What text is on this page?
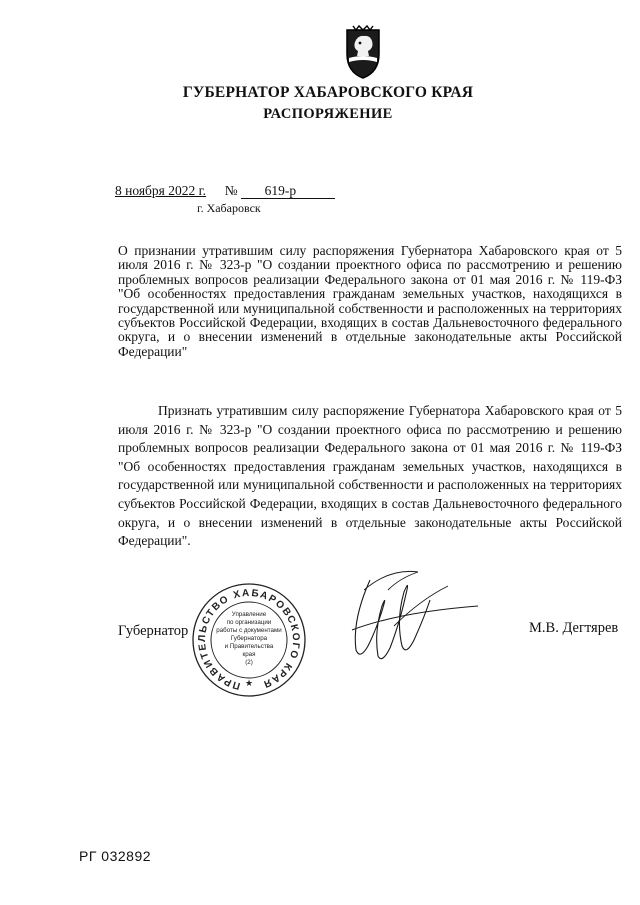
ГУБЕРНАТОР ХАБАРОВСКОГО КРАЯ
РАСПОРЯЖЕНИЕ
8 ноября 2022 г. № 619-р
г. Хабаровск
О признании утратившим силу распоряжения Губернатора Хабаровского края от 5 июля 2016 г. № 323-р "О создании проектного офиса по рассмотрению и решению проблемных вопросов реализации Федерального закона от 01 мая 2016 г. № 119-ФЗ "Об особенностях предоставления гражданам земельных участков, находящихся в государственной или муниципальной собственности и расположенных на территориях субъектов Российской Федерации, входящих в состав Дальневосточного федерального округа, и о внесении изменений в отдельные законодательные акты Российской Федерации"
Признать утратившим силу распоряжение Губернатора Хабаровского края от 5 июля 2016 г. № 323-р "О создании проектного офиса по рассмотрению и решению проблемных вопросов реализации Федерального закона от 01 мая 2016 г. № 119-ФЗ "Об особенностях предоставления гражданам земельных участков, находящихся в государственной или муниципальной собственности и расположенных на территориях субъектов Российской Федерации, входящих в состав Дальневосточного федерального округа, и о внесении изменений в отдельные законодательные акты Российской Федерации".
Губернатор
ПРАВИТЕЛЬСТВО ХАБАРОВСКОГО КРАЯ
★
Управление
по организации
работы с документами
Губернатора
и Правительства
края
(2)
М.В. Дегтярев
РГ 032892
